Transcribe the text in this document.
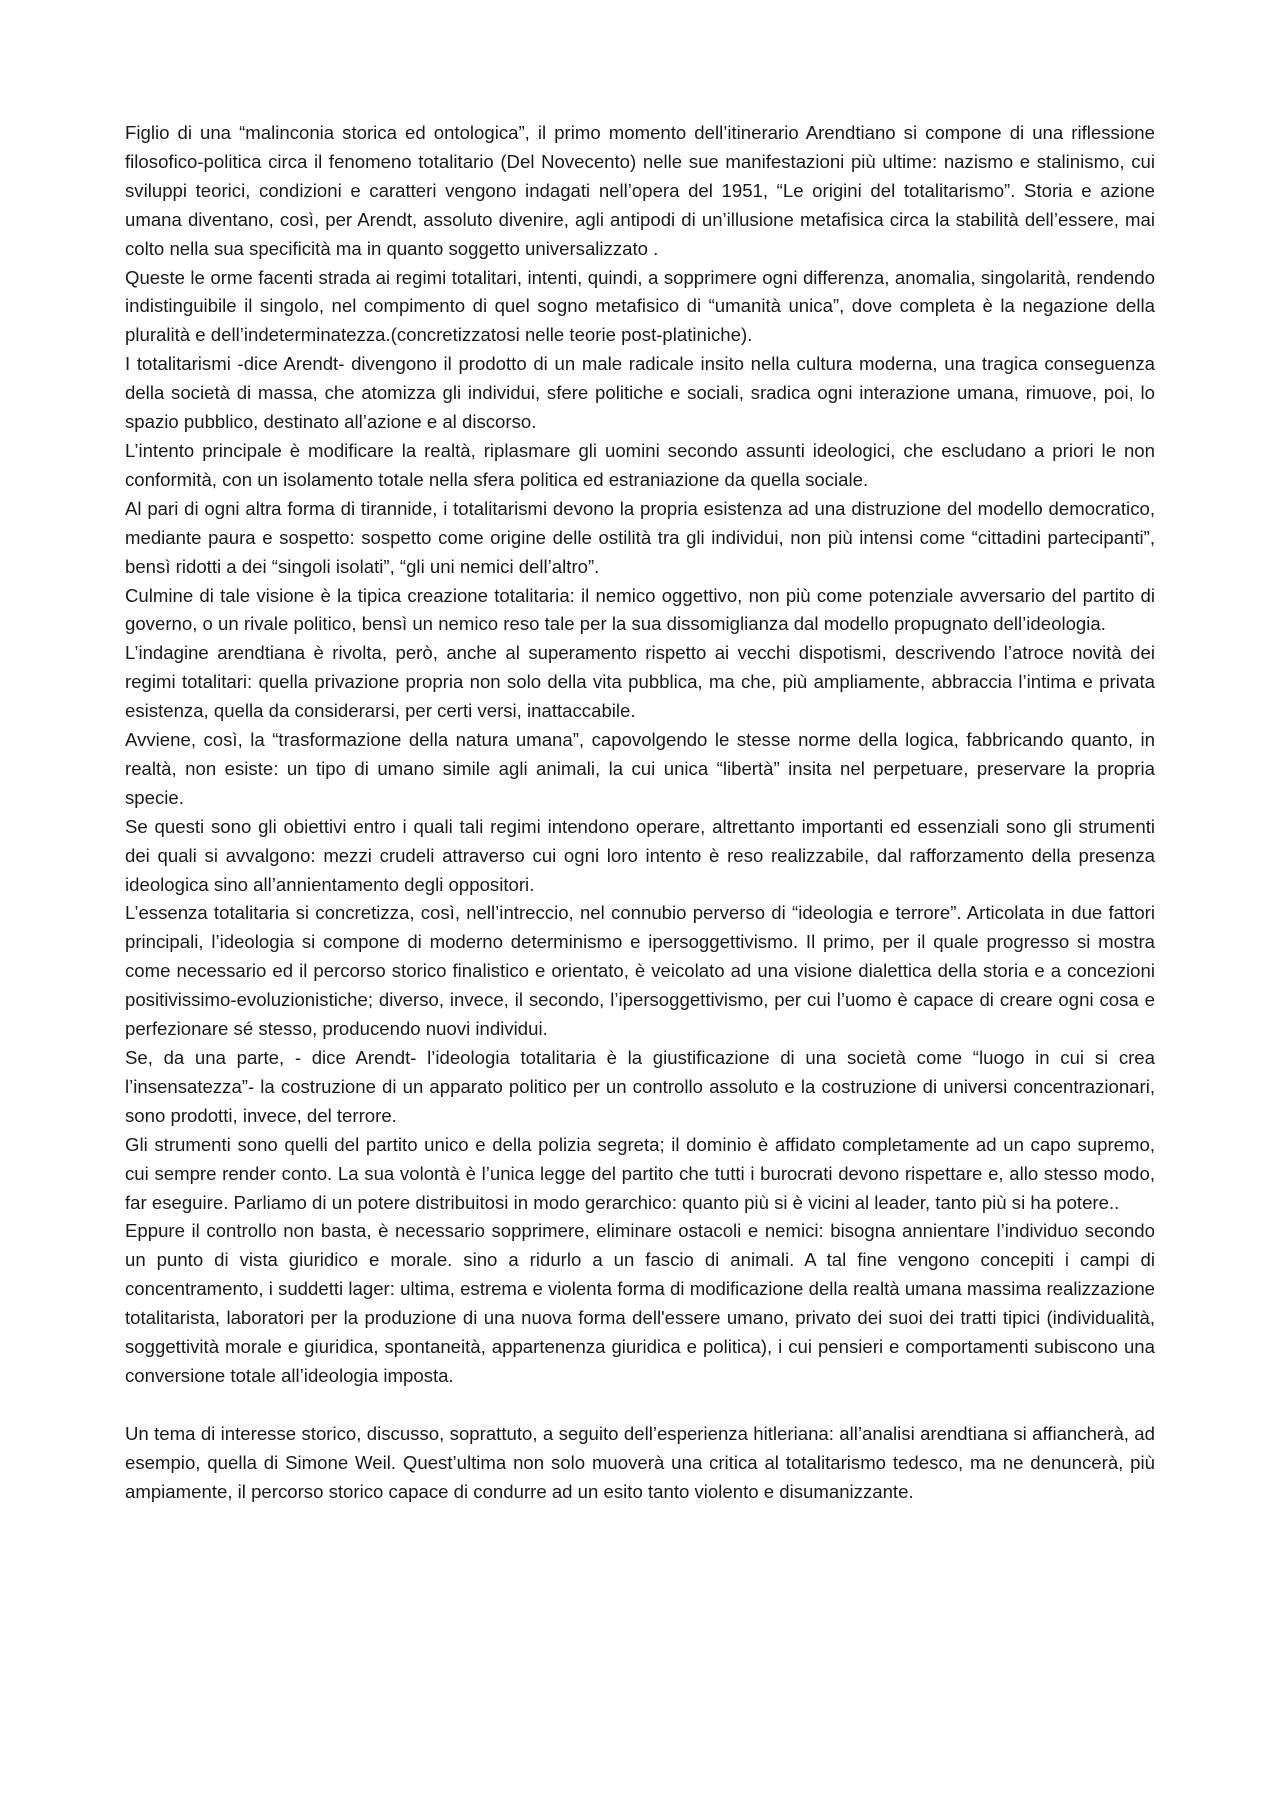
Figlio di una “malinconia storica ed ontologica”, il primo momento dell’itinerario Arendtiano si compone di una riflessione filosofico-politica circa il fenomeno totalitario (Del Novecento) nelle sue manifestazioni più ultime: nazismo e stalinismo, cui sviluppi teorici, condizioni e caratteri vengono indagati nell’opera del 1951, “Le origini del totalitarismo”. Storia e azione umana diventano, così, per Arendt, assoluto divenire, agli antipodi di un’illusione metafisica circa la stabilità dell’essere, mai colto nella sua specificità ma in quanto soggetto universalizzato .

Queste le orme facenti strada ai regimi totalitari, intenti, quindi, a sopprimere ogni differenza, anomalia, singolarità, rendendo indistinguibile il singolo, nel compimento di quel sogno metafisico di “umanità unica”, dove completa è la negazione della pluralità e dell’indeterminatezza.(concretizzatosi nelle teorie post-platiniche).

I totalitarismi -dice Arendt- divengono il prodotto di un male radicale insito nella cultura moderna, una tragica conseguenza della società di massa, che atomizza gli individui, sfere politiche e sociali, sradica ogni interazione umana, rimuove, poi, lo spazio pubblico, destinato all’azione e al discorso.

L’intento principale è modificare la realtà, riplasmare gli uomini secondo assunti ideologici, che escludano a priori le non conformità, con un isolamento totale nella sfera politica ed estraniazione da quella sociale.

Al pari di ogni altra forma di tirannide, i totalitarismi devono la propria esistenza ad una distruzione del modello democratico, mediante paura e sospetto: sospetto come origine delle ostilità tra gli individui, non più intensi come “cittadini partecipanti”, bensì ridotti a dei “singoli isolati”, “gli uni nemici dell’altro”.

Culmine di tale visione è la tipica creazione totalitaria: il nemico oggettivo, non più come potenziale avversario del partito di governo, o un rivale politico, bensì un nemico reso tale per la sua dissomiglianza dal modello propugnato dell’ideologia.

L’indagine arendtiana è rivolta, però, anche al superamento rispetto ai vecchi dispotismi, descrivendo l’atroce novità dei regimi totalitari: quella privazione propria non solo della vita pubblica, ma che, più ampliamente, abbraccia l’intima e privata esistenza, quella da considerarsi, per certi versi, inattaccabile.

Avviene, così, la “trasformazione della natura umana”, capovolgendo le stesse norme della logica, fabbricando quanto, in realtà, non esiste: un tipo di umano simile agli animali, la cui unica “libertà” insita nel perpetuare, preservare la propria specie.

Se questi sono gli obiettivi entro i quali tali regimi intendono operare, altrettanto importanti ed essenziali sono gli strumenti dei quali si avvalgono: mezzi crudeli attraverso cui ogni loro intento è reso realizzabile, dal rafforzamento della presenza ideologica sino all’annientamento degli oppositori.

L’essenza totalitaria si concretizza, così, nell’intreccio, nel connubio perverso di “ideologia e terrore”. Articolata in due fattori principali, l’ideologia si compone di moderno determinismo e ipersoggettivismo. Il primo, per il quale progresso si mostra come necessario ed il percorso storico finalistico e orientato, è veicolato ad una visione dialettica della storia e a concezioni positivissimo-evoluzionistiche; diverso, invece, il secondo, l’ipersoggettivismo, per cui l’uomo è capace di creare ogni cosa e perfezionare sé stesso, producendo nuovi individui.

Se, da una parte, - dice Arendt- l’ideologia totalitaria è la giustificazione di una società come “luogo in cui si crea l’insensatezza”- la costruzione di un apparato politico per un controllo assoluto e la costruzione di universi concentrazionari, sono prodotti, invece, del terrore.

Gli strumenti sono quelli del partito unico e della polizia segreta; il dominio è affidato completamente ad un capo supremo, cui sempre render conto. La sua volontà è l’unica legge del partito che tutti i burocrati devono rispettare e, allo stesso modo, far eseguire. Parliamo di un potere distribuitosi in modo gerarchico: quanto più si è vicini al leader, tanto più si ha potere..

Eppure il controllo non basta, è necessario sopprimere, eliminare ostacoli e nemici: bisogna annientare l’individuo secondo un punto di vista giuridico e morale. sino a ridurlo a un fascio di animali. A tal fine vengono concepiti i campi di concentramento, i suddetti lager: ultima, estrema e violenta forma di modificazione della realtà umana massima realizzazione totalitarista, laboratori per la produzione di una nuova forma dell'essere umano, privato dei suoi dei tratti tipici (individualità, soggettività morale e giuridica, spontaneità, appartenenza giuridica e politica), i cui pensieri e comportamenti subiscono una conversione totale all’ideologia imposta.

Un tema di interesse storico, discusso, soprattuto, a seguito dell’esperienza hitleriana: all’analisi arendtiana si affiancherà, ad esempio, quella di Simone Weil. Quest’ultima non solo muoverà una critica al totalitarismo tedesco, ma ne denuncerà, più ampiamente, il percorso storico capace di condurre ad un esito tanto violento e disumanizzante.
